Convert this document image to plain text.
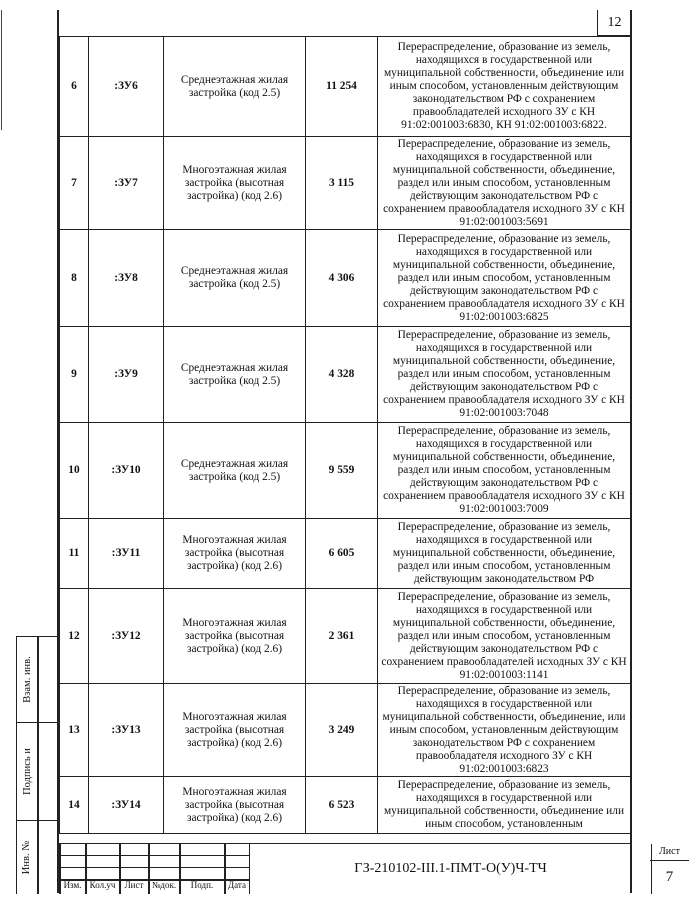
12
6	:ЗУ6	Среднеэтажная жилая застройка (код 2.5)	11 254	Перераспределение, образование из земель, находящихся в государственной или муниципальной собственности, объединение или иным способом, установленным действующим законодательством РФ с сохранением правообладателей исходного ЗУ с КН 91:02:001003:6830, КН 91:02:001003:6822.
7	:ЗУ7	Многоэтажная жилая застройка (высотная застройка) (код 2.6)	3 115	Перераспределение, образование из земель, находящихся в государственной или муниципальной собственности, объединение, раздел или иным способом, установленным действующим законодательством РФ с сохранением правообладателя исходного ЗУ с КН 91:02:001003:5691
8	:ЗУ8	Среднеэтажная жилая застройка (код 2.5)	4 306	Перераспределение, образование из земель, находящихся в государственной или муниципальной собственности, объединение, раздел или иным способом, установленным действующим законодательством РФ с сохранением правообладателя исходного ЗУ с КН 91:02:001003:6825
9	:ЗУ9	Среднеэтажная жилая застройка (код 2.5)	4 328	Перераспределение, образование из земель, находящихся в государственной или муниципальной собственности, объединение, раздел или иным способом, установленным действующим законодательством РФ с сохранением правообладателя исходного ЗУ с КН 91:02:001003:7048
10	:ЗУ10	Среднеэтажная жилая застройка (код 2.5)	9 559	Перераспределение, образование из земель, находящихся в государственной или муниципальной собственности, объединение, раздел или иным способом, установленным действующим законодательством РФ с сохранением правообладателя исходного ЗУ с КН 91:02:001003:7009
11	:ЗУ11	Многоэтажная жилая застройка (высотная застройка) (код 2.6)	6 605	Перераспределение, образование из земель, находящихся в государственной или муниципальной собственности, объединение, раздел или иным способом, установленным действующим законодательством РФ
12	:ЗУ12	Многоэтажная жилая застройка (высотная застройка) (код 2.6)	2 361	Перераспределение, образование из земель, находящихся в государственной или муниципальной собственности, объединение, раздел или иным способом, установленным действующим законодательством РФ с сохранением правообладателей исходных ЗУ с КН 91:02:001003:1141
13	:ЗУ13	Многоэтажная жилая застройка (высотная застройка) (код 2.6)	3 249	Перераспределение, образование из земель, находящихся в государственной или муниципальной собственности, объединение, или иным способом, установленным действующим законодательством РФ с сохранением правообладателя исходного ЗУ с КН 91:02:001003:6823
14	:ЗУ14	Многоэтажная жилая застройка (высотная застройка) (код 2.6)	6 523	Перераспределение, образование из земель, находящихся в государственной или муниципальной собственности, объединение или иным способом, установленным
Взам. инв.
Подпись и
Инв. №
Изм. Кол.уч	Лист №док.	Подп.	Дата
ГЗ-210102-III.1-ПМТ-О(У)Ч-ТЧ
Лист
7
